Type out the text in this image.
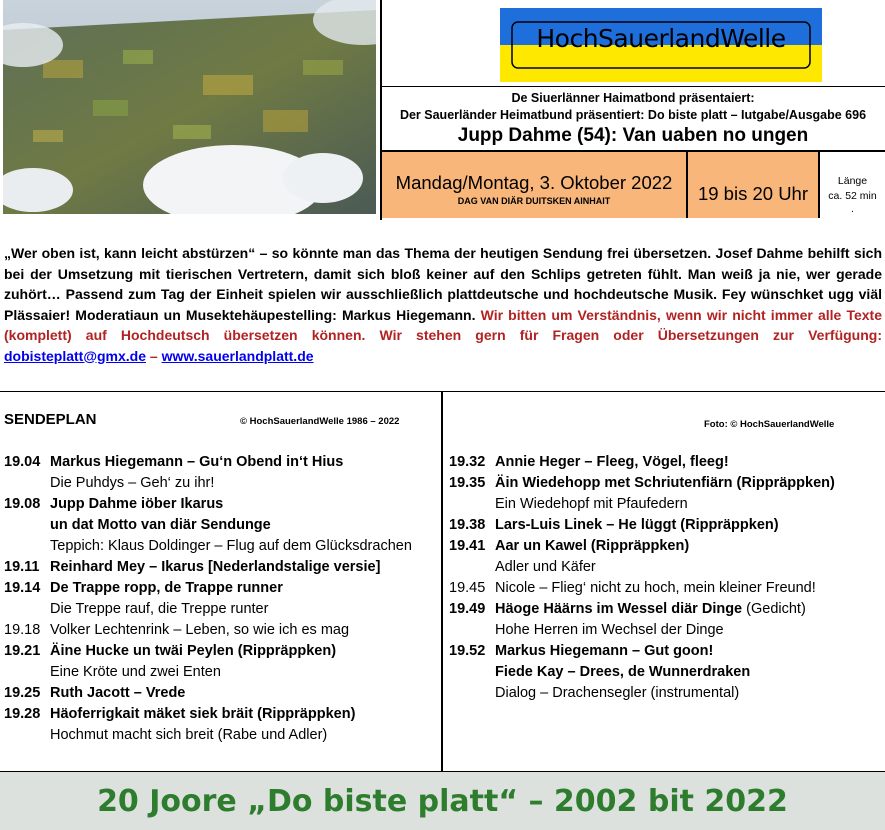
HochSauerlandWelle
De Siuerlänner Haimatbond präsentaiert:
Der Sauerländer Heimatbund präsentiert: Do biste platt – Iutgabe/Ausgabe 696
Jupp Dahme (54): Van uaben no ungen
Mandag/Montag, 3. Oktober 2022
DAG VAN DIÄR DUITSKEN AINHAIT	19 bis 20 Uhr
Länge
ca. 52 min
.
„Wer oben ist, kann leicht abstürzen“ – so könnte man das Thema der heutigen Sendung frei übersetzen. Josef Dahme behilft sich bei der Umsetzung mit tierischen Vertretern, damit sich bloß keiner auf den Schlips getreten fühlt. Man weiß ja nie, wer gerade zuhört… Passend zum Tag der Einheit spielen wir ausschließlich plattdeutsche und hochdeutsche Musik. Fey wünschket ugg viäl Plässaier! Moderatiaun un Musektehäupestelling: Markus Hiegemann. Wir bitten um Verständnis, wenn wir nicht immer alle Texte (komplett) auf Hochdeutsch übersetzen können. Wir stehen gern für Fragen oder Übersetzungen zur Verfügung: dobisteplatt@gmx.de – www.sauerlandplatt.de
SENDEPLAN	© HochSauerlandWelle 1986 – 2022	Foto: © HochSauerlandWelle
19.04 Markus Hiegemann – Gu‘n Obend in‘t Hius
Die Puhdys – Geh‘ zu ihr!
19.08 Jupp Dahme iöber Ikarus
un dat Motto van diär Sendunge
Teppich: Klaus Doldinger – Flug auf dem Glücksdrachen
19.11 Reinhard Mey – Ikarus [Nederlandstalige versie]
19.14 De Trappe ropp, de Trappe runner
Die Treppe rauf, die Treppe runter
19.18 Volker Lechtenrink – Leben, so wie ich es mag
19.21 Äine Hucke un twäi Peylen (Rippräppken)
Eine Kröte und zwei Enten
19.25 Ruth Jacott – Vrede
19.28 Häoferrigkait mäket siek bräit (Rippräppken)
Hochmut macht sich breit (Rabe und Adler)
19.32 Annie Heger – Fleeg, Vögel, fleeg!
19.35 Äin Wiedehopp met Schriutenfiärn (Rippräppken)
Ein Wiedehopf mit Pfaufedern
19.38 Lars-Luis Linek – He lüggt (Rippräppken)
19.41 Aar un Kawel (Rippräppken)
Adler und Käfer
19.45 Nicole – Flieg‘ nicht zu hoch, mein kleiner Freund!
19.49 Häoge Häärns im Wessel diär Dinge (Gedicht)
Hohe Herren im Wechsel der Dinge
19.52 Markus Hiegemann – Gut goon!
Fiede Kay – Drees, de Wunnerdraken
Dialog – Drachensegler (instrumental)
20 Joore „Do biste platt“ – 2002 bit 2022
